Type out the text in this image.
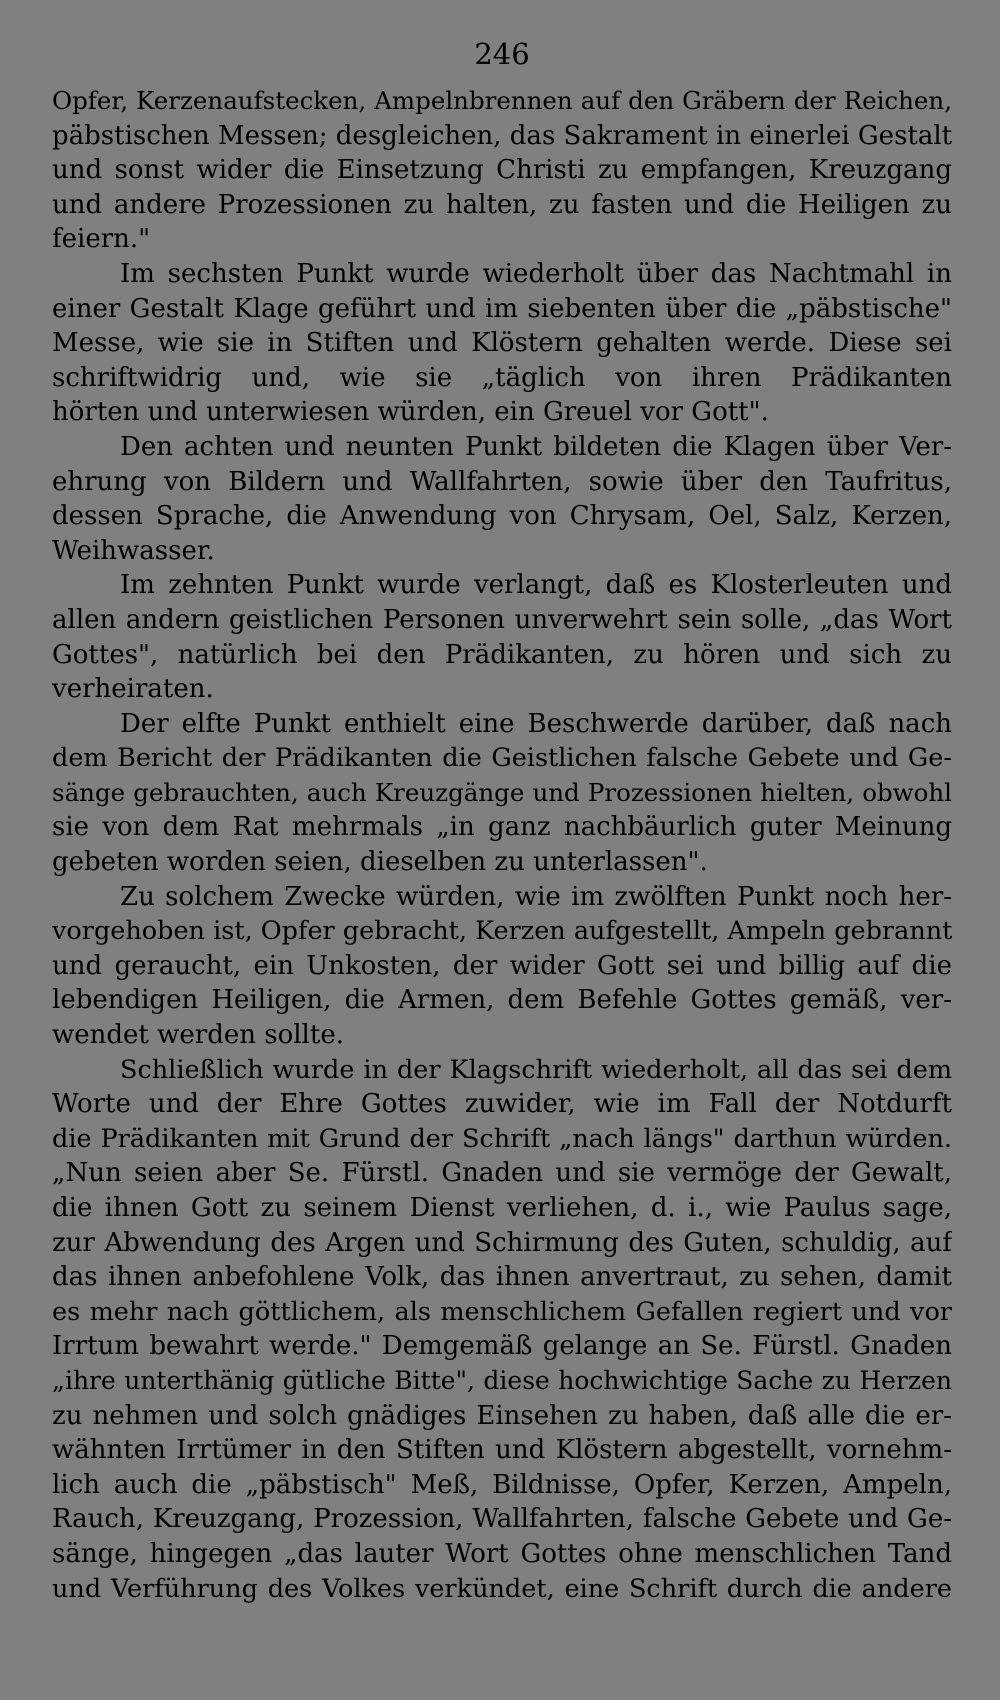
246
Opfer, Kerzenaufstecken, Ampelnbrennen auf den Gräbern der Reichen,
päbstischen Messen; desgleichen, das Sakrament in einerlei Gestalt
und sonst wider die Einsetzung Christi zu empfangen, Kreuzgang
und andere Prozessionen zu halten, zu fasten und die Heiligen zu
feiern."
Im sechsten Punkt wurde wiederholt über das Nachtmahl in
einer Gestalt Klage geführt und im siebenten über die „päbstische"
Messe, wie sie in Stiften und Klöstern gehalten werde. Diese sei
schriftwidrig und, wie sie „täglich von ihren Prädikanten
hörten und unterwiesen würden, ein Greuel vor Gott".
Den achten und neunten Punkt bildeten die Klagen über Ver-
ehrung von Bildern und Wallfahrten, sowie über den Taufritus,
dessen Sprache, die Anwendung von Chrysam, Oel, Salz, Kerzen,
Weihwasser.
Im zehnten Punkt wurde verlangt, daß es Klosterleuten und
allen andern geistlichen Personen unverwehrt sein solle, „das Wort
Gottes", natürlich bei den Prädikanten, zu hören und sich zu
verheiraten.
Der elfte Punkt enthielt eine Beschwerde darüber, daß nach
dem Bericht der Prädikanten die Geistlichen falsche Gebete und Ge-
sänge gebrauchten, auch Kreuzgänge und Prozessionen hielten, obwohl
sie von dem Rat mehrmals „in ganz nachbäurlich guter Meinung
gebeten worden seien, dieselben zu unterlassen".
Zu solchem Zwecke würden, wie im zwölften Punkt noch her-
vorgehoben ist, Opfer gebracht, Kerzen aufgestellt, Ampeln gebrannt
und geraucht, ein Unkosten, der wider Gott sei und billig auf die
lebendigen Heiligen, die Armen, dem Befehle Gottes gemäß, ver-
wendet werden sollte.
Schließlich wurde in der Klagschrift wiederholt, all das sei dem
Worte und der Ehre Gottes zuwider, wie im Fall der Notdurft
die Prädikanten mit Grund der Schrift „nach längs" darthun würden.
„Nun seien aber Se. Fürstl. Gnaden und sie vermöge der Gewalt,
die ihnen Gott zu seinem Dienst verliehen, d. i., wie Paulus sage,
zur Abwendung des Argen und Schirmung des Guten, schuldig, auf
das ihnen anbefohlene Volk, das ihnen anvertraut, zu sehen, damit
es mehr nach göttlichem, als menschlichem Gefallen regiert und vor
Irrtum bewahrt werde." Demgemäß gelange an Se. Fürstl. Gnaden
„ihre unterthänig gütliche Bitte", diese hochwichtige Sache zu Herzen
zu nehmen und solch gnädiges Einsehen zu haben, daß alle die er-
wähnten Irrtümer in den Stiften und Klöstern abgestellt, vornehm-
lich auch die „päbstisch" Meß, Bildnisse, Opfer, Kerzen, Ampeln,
Rauch, Kreuzgang, Prozession, Wallfahrten, falsche Gebete und Ge-
sänge, hingegen „das lauter Wort Gottes ohne menschlichen Tand
und Verführung des Volkes verkündet, eine Schrift durch die andere
